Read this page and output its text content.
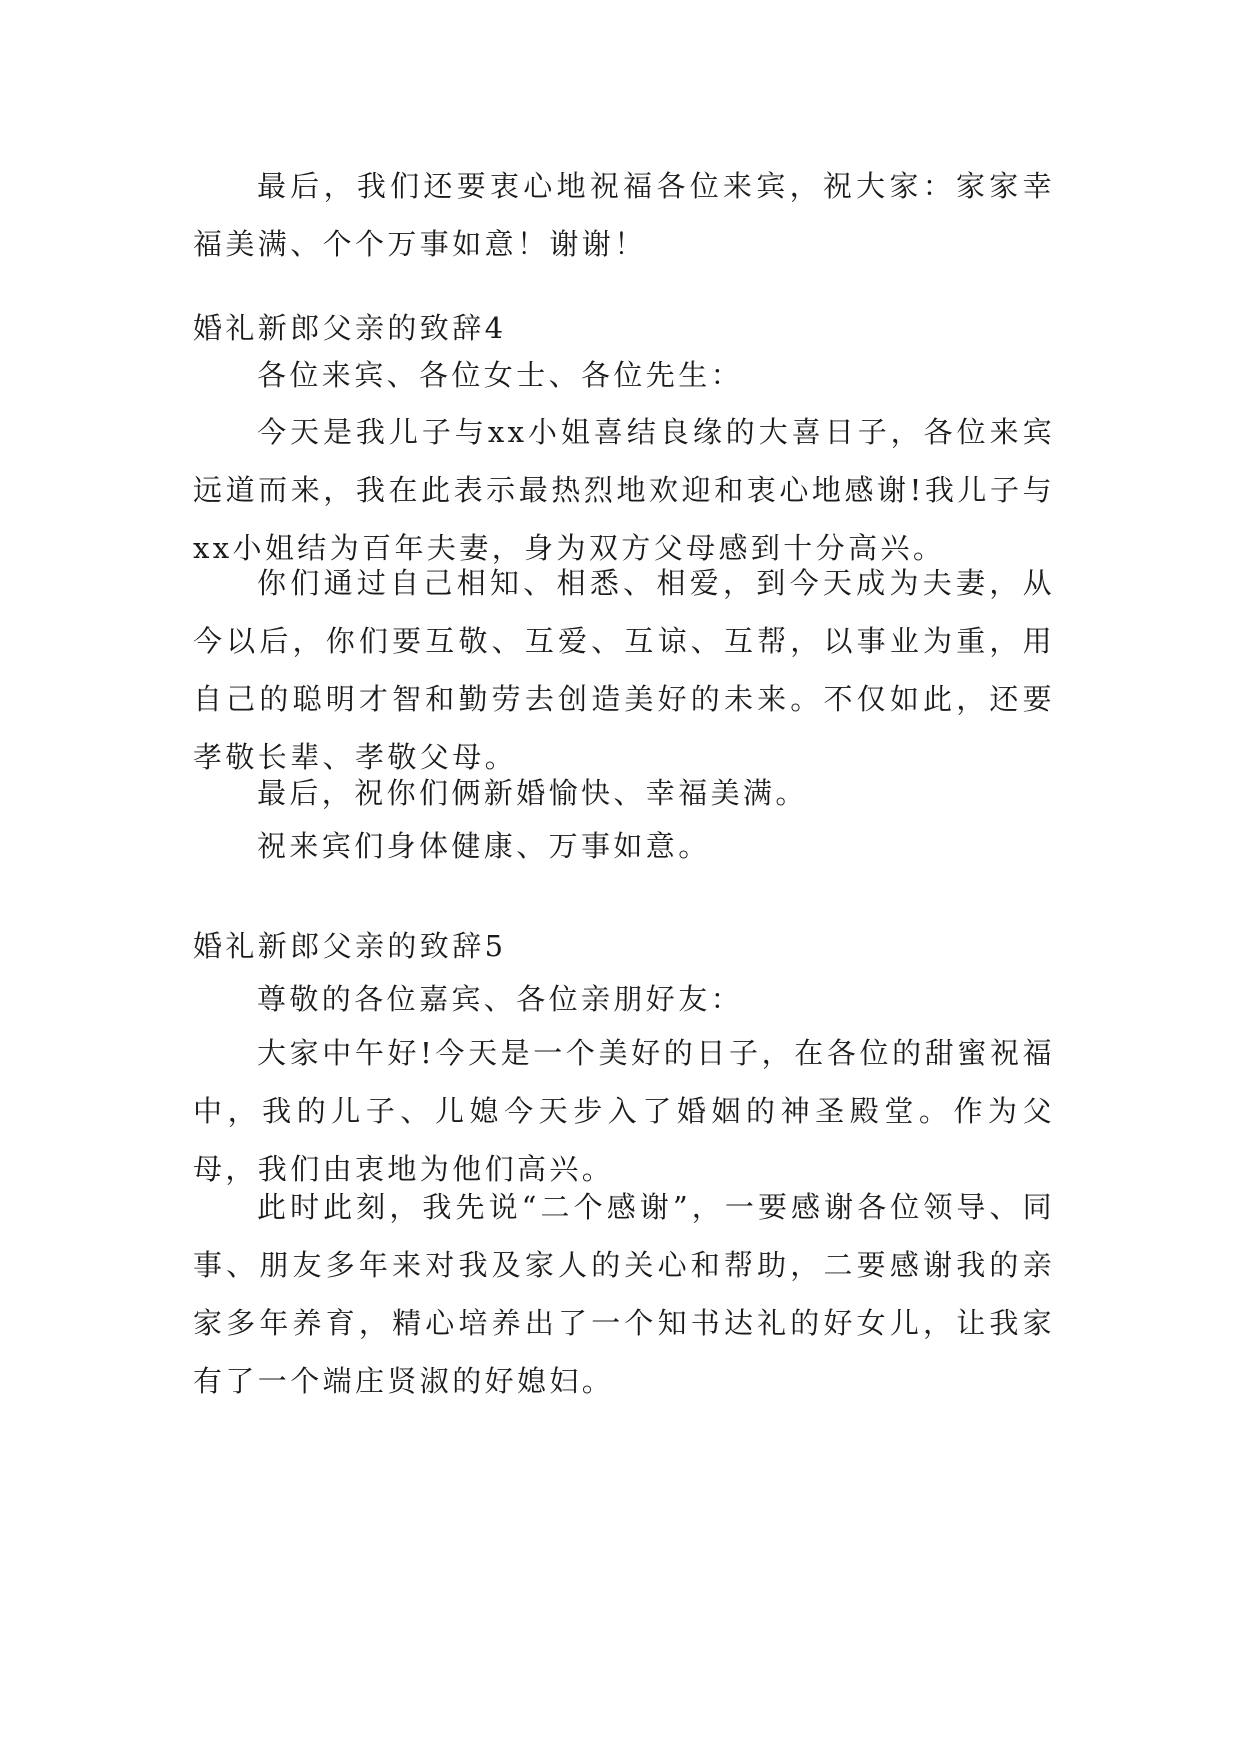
最后，我们还要衷心地祝福各位来宾，祝大家：家家幸福美满、个个万事如意！谢谢！

婚礼新郎父亲的致辞4

各位来宾、各位女士、各位先生：

今天是我儿子与xx小姐喜结良缘的大喜日子，各位来宾远道而来，我在此表示最热烈地欢迎和衷心地感谢!我儿子与xx小姐结为百年夫妻，身为双方父母感到十分高兴。

你们通过自己相知、相悉、相爱，到今天成为夫妻，从今以后，你们要互敬、互爱、互谅、互帮，以事业为重，用自己的聪明才智和勤劳去创造美好的未来。不仅如此，还要孝敬长辈、孝敬父母。

最后，祝你们俩新婚愉快、幸福美满。

祝来宾们身体健康、万事如意。

婚礼新郎父亲的致辞5

尊敬的各位嘉宾、各位亲朋好友：

大家中午好!今天是一个美好的日子，在各位的甜蜜祝福中，我的儿子、儿媳今天步入了婚姻的神圣殿堂。作为父母，我们由衷地为他们高兴。

此时此刻，我先说“二个感谢”，一要感谢各位领导、同事、朋友多年来对我及家人的关心和帮助，二要感谢我的亲家多年养育，精心培养出了一个知书达礼的好女儿，让我家有了一个端庄贤淑的好媳妇。
